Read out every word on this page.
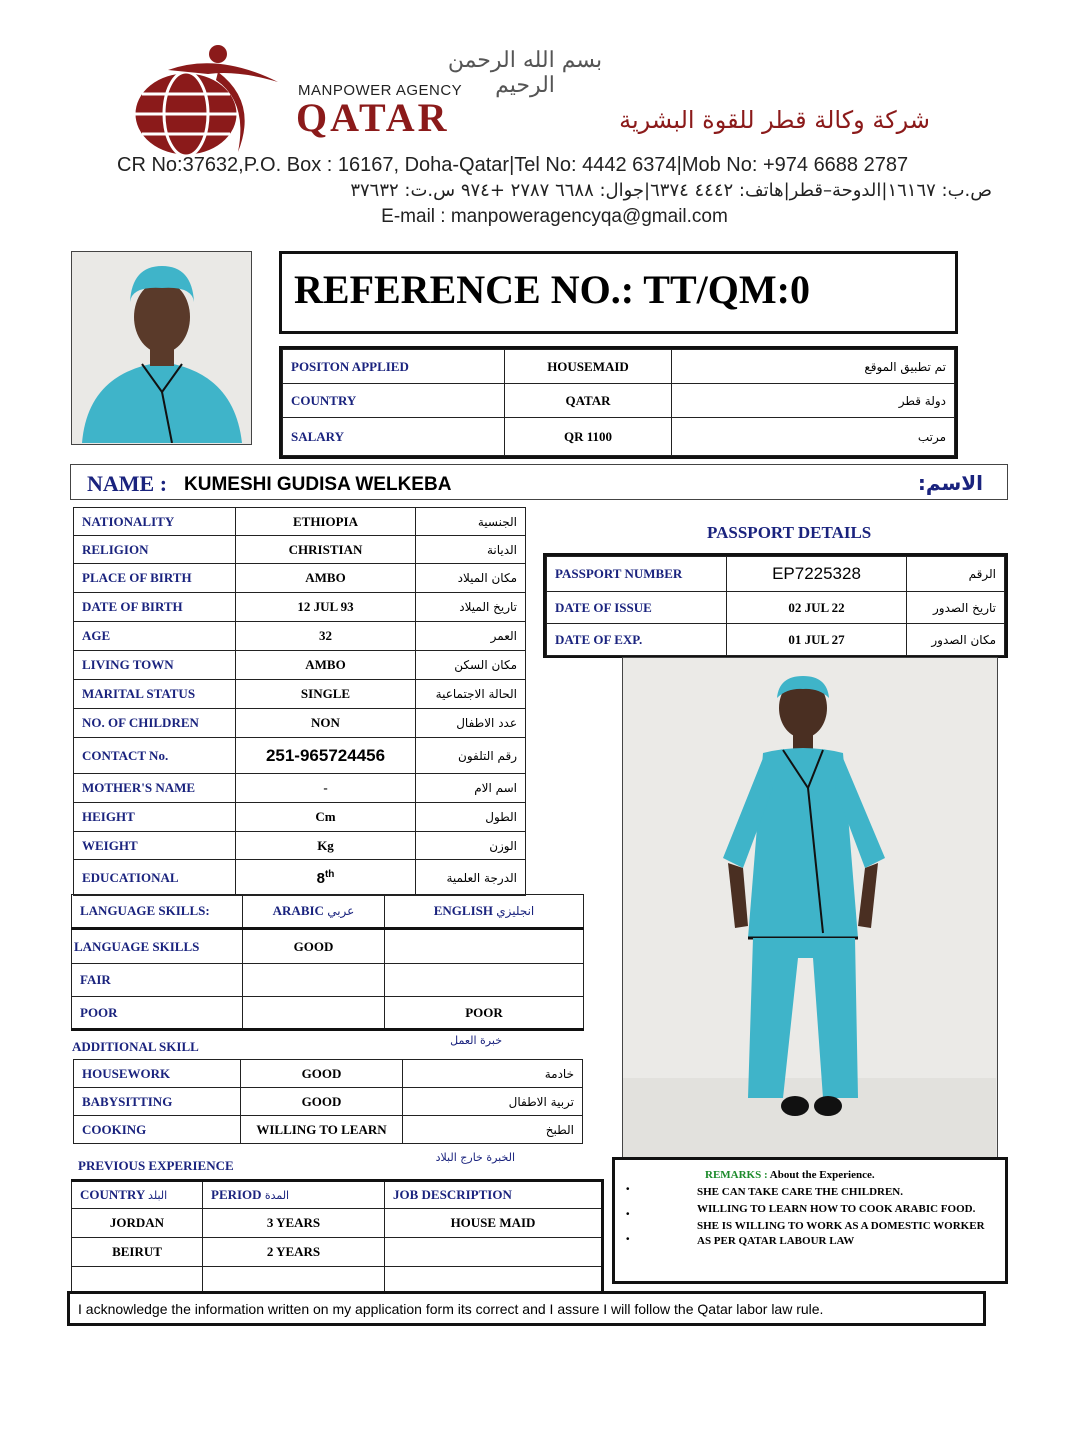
بسم الله الرحمن الرحيم
MANPOWER AGENCY
QATAR	شركة وكالة قطر للقوة البشرية
CR No:37632,P.O. Box : 16167, Doha-Qatar|Tel No: 4442 6374|Mob No: +974 6688 2787
ص.ب: ١٦١٦٧|الدوحة–قطر|هاتف: ٤٤٤٢ ٦٣٧٤|جوال: ٦٦٨٨ ٢٧٨٧ +٩٧٤ س.ت: ٣٧٦٣٢
E-mail : manpoweragencyqa@gmail.com
REFERENCE NO.: TT/QM:0
POSITON APPLIED	HOUSEMAID	تم تطبيق الموقع
COUNTRY	QATAR	دولة قطر
SALARY	QR 1100	مرتب
NAME : KUMESHI GUDISA WELKEBA	الاسم:
NATIONALITY	ETHIOPIA	الجنسية
RELIGION	CHRISTIAN	الديانة
PLACE OF BIRTH	AMBO	مكان الميلاد
DATE OF BIRTH	12 JUL 93	تاريخ الميلاد
AGE	32	العمر
LIVING TOWN	AMBO	مكان السكن
MARITAL STATUS	SINGLE	الحالة الاجتماعية
NO. OF CHILDREN	NON	عدد الاطفال
CONTACT No.	251-965724456	رقم التلفون
MOTHER'S NAME	-	اسم الام
HEIGHT	Cm	الطول
WEIGHT	Kg	الوزن
EDUCATIONAL	8th	الدرجة العلمية
PASSPORT DETAILS
PASSPORT NUMBER	EP7225328	الرقم
DATE OF ISSUE	02 JUL 22	تاريخ الصدور
DATE OF EXP.	01 JUL 27	مكان الصدور
LANGUAGE SKILLS:	ARABIC عربي	ENGLISH انجليزي
LANGUAGE SKILLS	GOOD	
FAIR		
POOR		POOR
ADDITIONAL SKILL	خبرة العمل
HOUSEWORK	GOOD	خادمة
BABYSITTING	GOOD	تربية الاطفال
COOKING	WILLING TO LEARN	الطبخ
PREVIOUS EXPERIENCE
الخبرة خارج البلاد
COUNTRY البلد	PERIOD المدة	JOB DESCRIPTION
JORDAN	3 YEARS	HOUSE MAID
BEIRUT	2 YEARS	

REMARKS : About the Experience.
SHE CAN TAKE CARE THE CHILDREN.
WILLING TO LEARN HOW TO COOK ARABIC FOOD.
SHE IS WILLING TO WORK AS A DOMESTIC WORKER AS PER QATAR LABOUR LAW
•
•
•
I acknowledge the information written on my application form its correct and I assure I will follow the Qatar labor law rule.
